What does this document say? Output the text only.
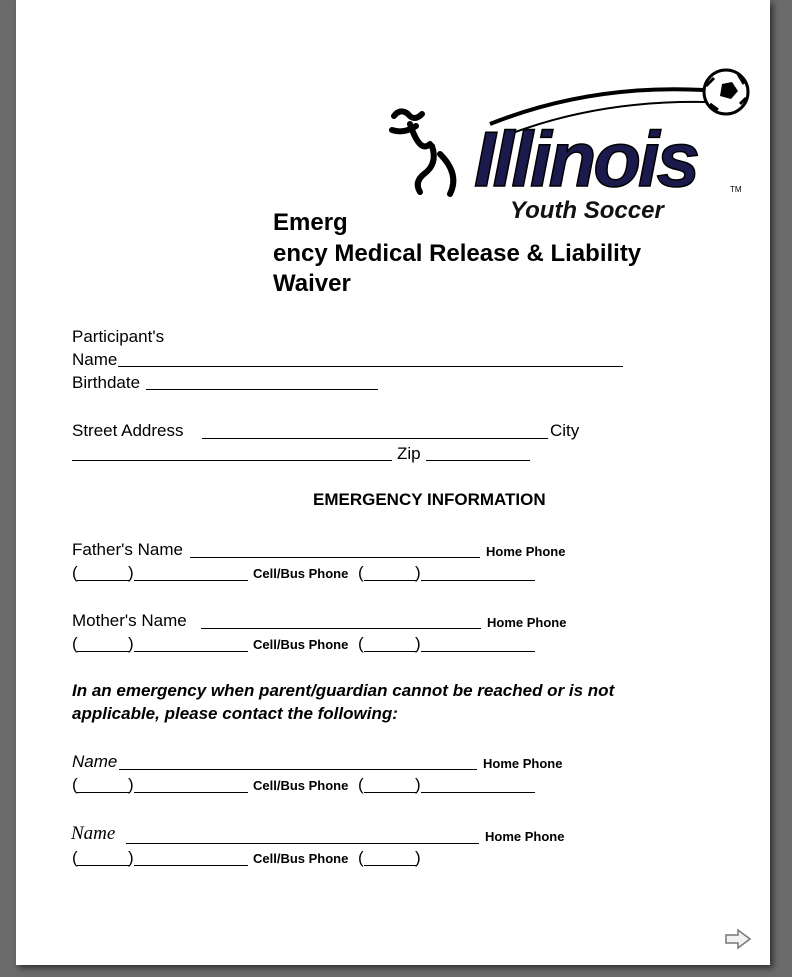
Illinois
Youth Soccer
TM
Emerg
ency Medical Release & Liability
Waiver
Participant's
Name
Birthdate
Street Address	City
Zip
EMERGENCY INFORMATION
Father's Name	Home Phone
(	)	Cell/Bus Phone (	)
Mother's Name	Home Phone
(	)	Cell/Bus Phone (	)
In an emergency when parent/guardian cannot be reached or is not
applicable, please contact the following:
Name	Home Phone
(	)	Cell/Bus Phone (	)
Name	Home Phone
(	)	Cell/Bus Phone (	)
